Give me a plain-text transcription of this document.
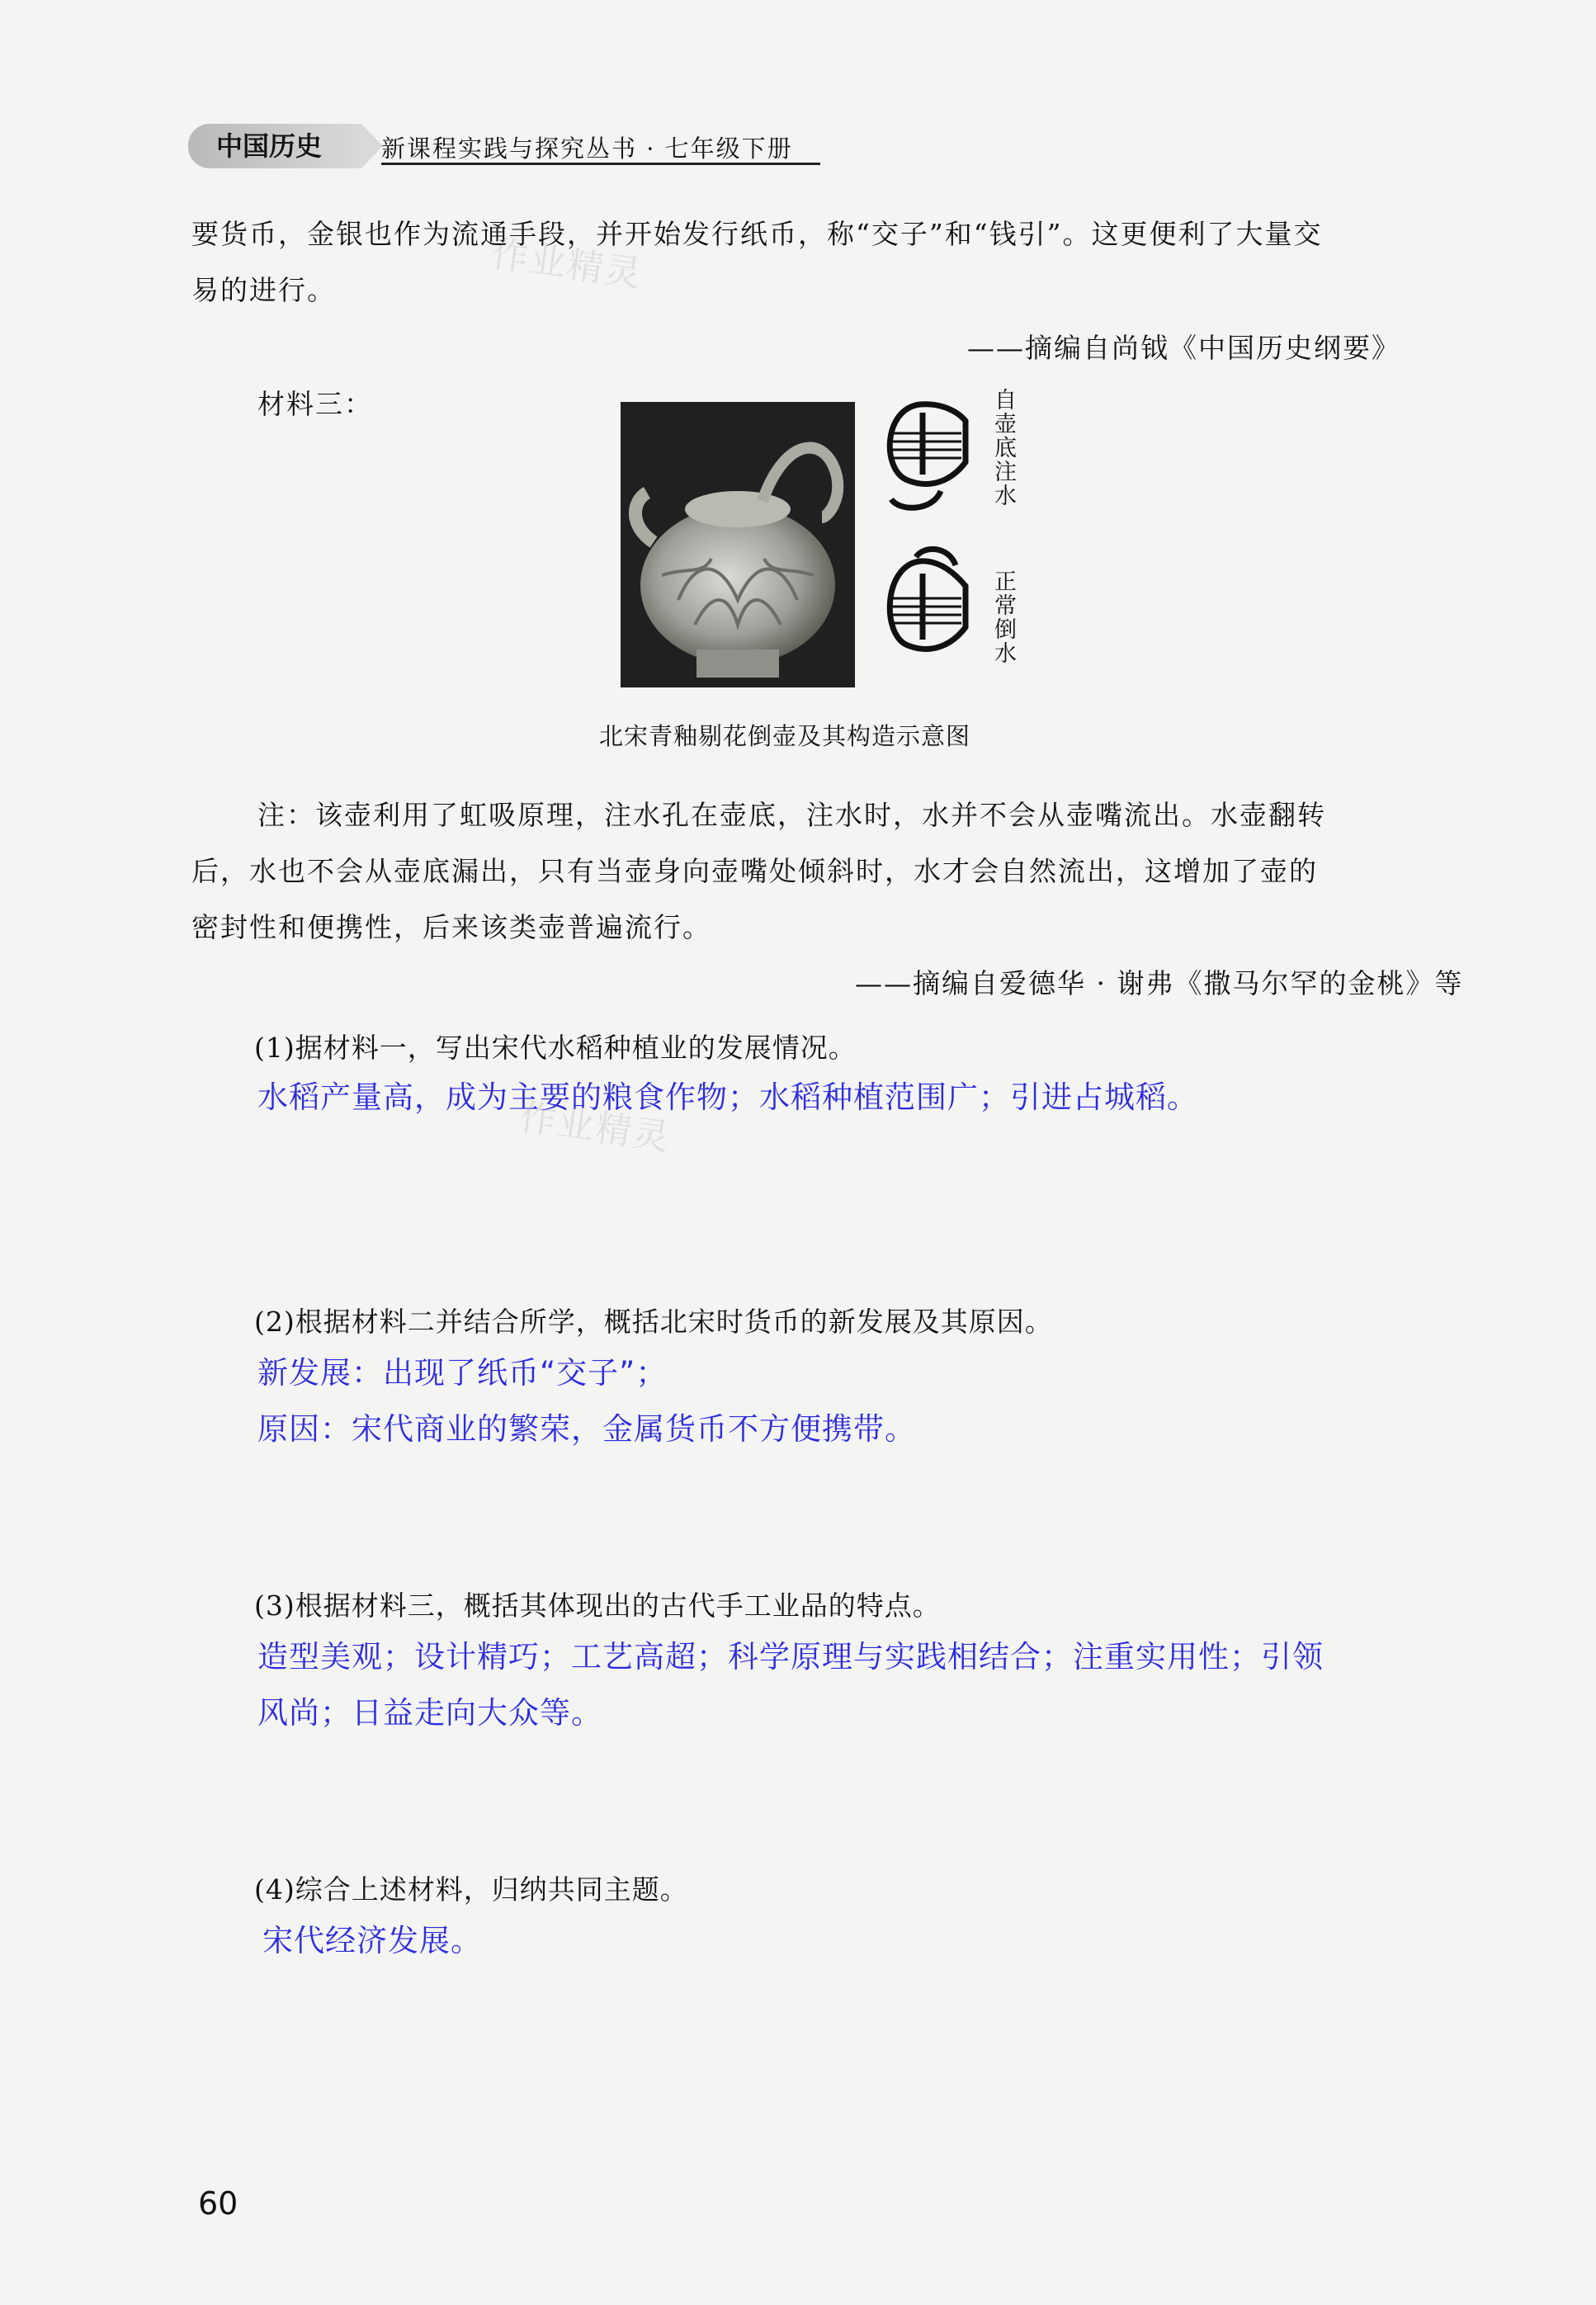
中国历史	新课程实践与探究丛书 · 七年级下册
要货币，金银也作为流通手段，并开始发行纸币，称“交子”和“钱引”。这更便利了大量交
易的进行。
——摘编自尚钺《中国历史纲要》
材料三：	自壶底注水
正常倒水
北宋青釉剔花倒壶及其构造示意图
注：该壶利用了虹吸原理，注水孔在壶底，注水时，水并不会从壶嘴流出。水壶翻转
后，水也不会从壶底漏出，只有当壶身向壶嘴处倾斜时，水才会自然流出，这增加了壶的
密封性和便携性，后来该类壶普遍流行。
——摘编自爱德华 · 谢弗《撒马尔罕的金桃》等
(1)据材料一，写出宋代水稻种植业的发展情况。
水稻产量高，成为主要的粮食作物；水稻种植范围广；引进占城稻。
(2)根据材料二并结合所学，概括北宋时货币的新发展及其原因。
新发展：出现了纸币“交子”；
原因：宋代商业的繁荣，金属货币不方便携带。
(3)根据材料三，概括其体现出的古代手工业品的特点。
造型美观；设计精巧；工艺高超；科学原理与实践相结合；注重实用性；引领
风尚；日益走向大众等。
(4)综合上述材料，归纳共同主题。
宋代经济发展。
作业精灵
作业精灵
60
